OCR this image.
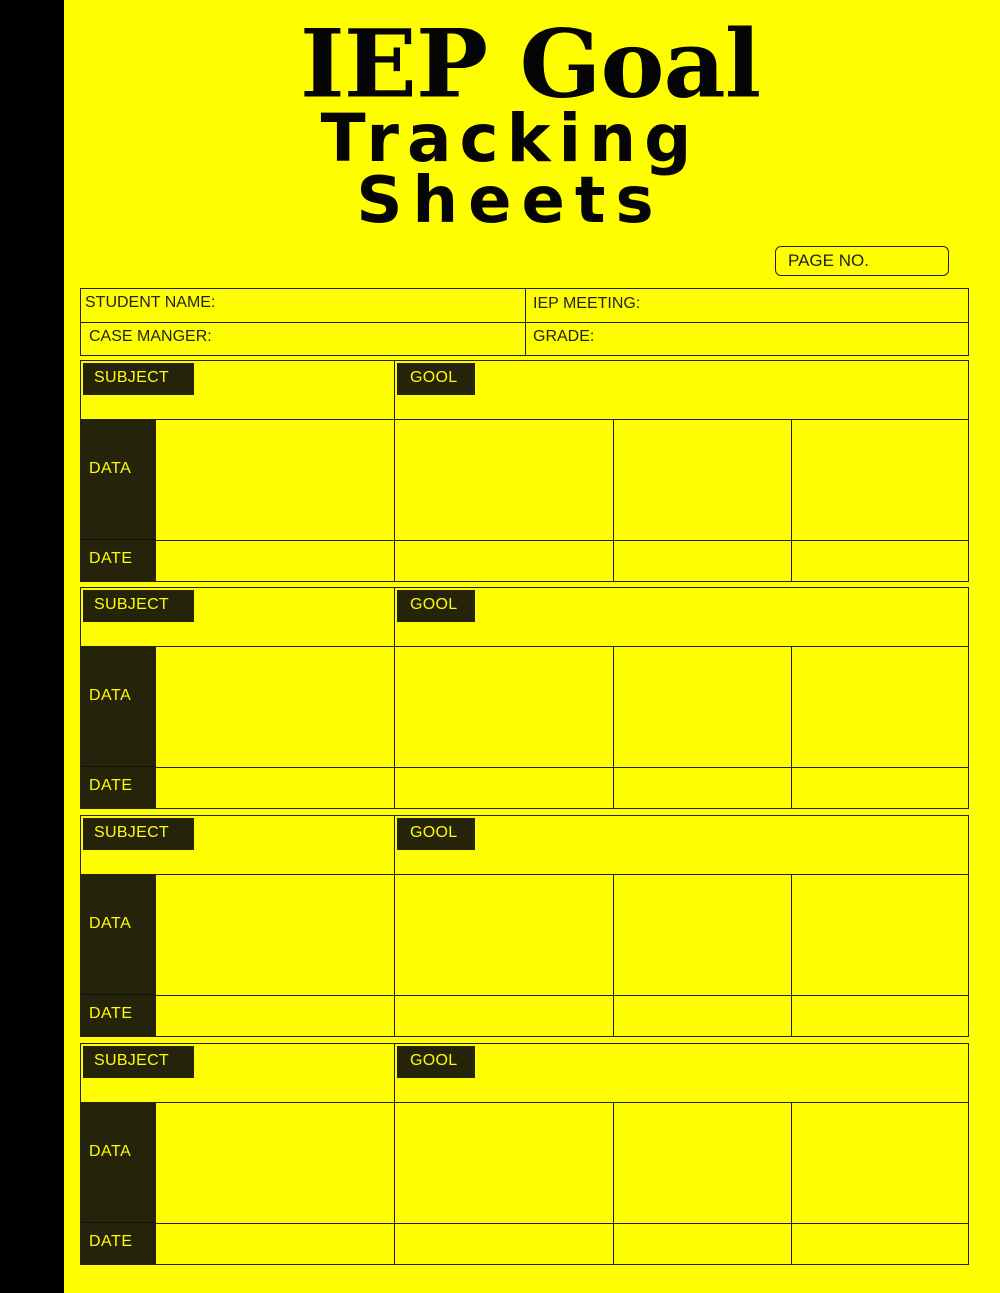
IEP Goal
Tracking
Sheets
PAGE NO.
STUDENT NAME:	IEP MEETING:
CASE MANGER:	GRADE:
SUBJECT	GOOL
DATA
DATE
SUBJECT	GOOL
DATA
DATE
SUBJECT	GOOL
DATA
DATE
SUBJECT	GOOL
DATA
DATE
